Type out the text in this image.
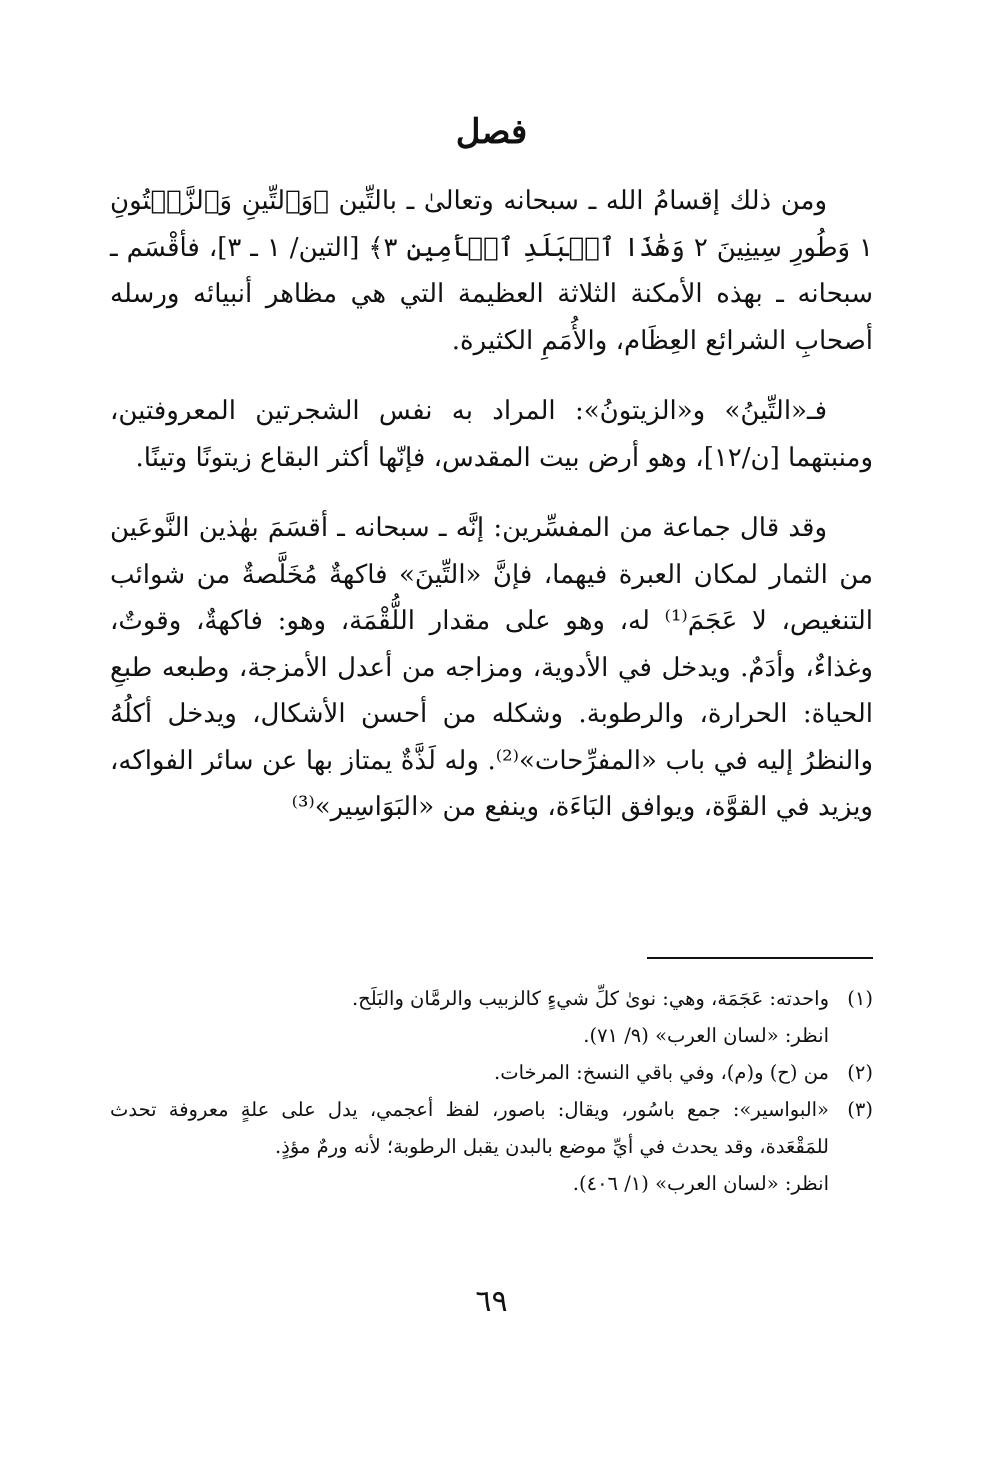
فصل

ومن ذلك إقسامُ الله ـ سبحانه وتعالىٰ ـ بالتِّين ﴿وَٱلتِّينِ وَٱلزَّيۡتُونِ ١ وَطُورِ سِينِينَ ٢ وَهَٰذَا ٱلۡبَلَدِ ٱلۡأَمِينِ ٣﴾ [التين/ ١ ـ ٣]، فأقْسَم ـ سبحانه ـ بهذه الأمكنة الثلاثة العظيمة التي هي مظاهر أنبيائه ورسله أصحابِ الشرائع العِظَام، والأُمَمِ الكثيرة.

فـ«التِّينُ» و«الزيتونُ»: المراد به نفس الشجرتين المعروفتين، ومنبتهما [ن/١٢]، وهو أرض بيت المقدس، فإنّها أكثر البقاع زيتونًا وتينًا.

وقد قال جماعة من المفسِّرين: إنَّه ـ سبحانه ـ أقسَمَ بهٰذين النَّوعَين من الثمار لمكان العبرة فيهما، فإنَّ «التِّينَ» فاكهةٌ مُخَلَّصةٌ من شوائب التنغيص، لا عَجَمَ⁽¹⁾ له، وهو على مقدار اللُّقْمَة، وهو: فاكهةٌ، وقوتٌ، وغذاءٌ، وأدَمٌ. ويدخل في الأدوية، ومزاجه من أعدل الأمزجة، وطبعه طبعِ الحياة: الحرارة، والرطوبة. وشكله من أحسن الأشكال، ويدخل أكلُهُ والنظرُ إليه في باب «المفرِّحات»⁽²⁾. وله لَذَّةٌ يمتاز بها عن سائر الفواكه، ويزيد في القوَّة، ويوافق البَاءَة، وينفع من «البَوَاسِير»⁽³⁾

(١)
واحدته: عَجَمَة، وهي: نوىٰ كلِّ شيءٍ كالزبيب والرمَّان والبَلَح.
انظر: «لسان العرب» (٩/ ٧١).
(٢)
من (ح) و(م)، وفي باقي النسخ: المرخات.
(٣)
«البواسير»: جمع باسُور، ويقال: باصور، لفظ أعجمي، يدل على علةٍ معروفة تحدث للمَقْعَدة، وقد يحدث في أيِّ موضع بالبدن يقبل الرطوبة؛ لأنه ورمٌ مؤذٍ.
انظر: «لسان العرب» (١/ ٤٠٦).
٦٩
